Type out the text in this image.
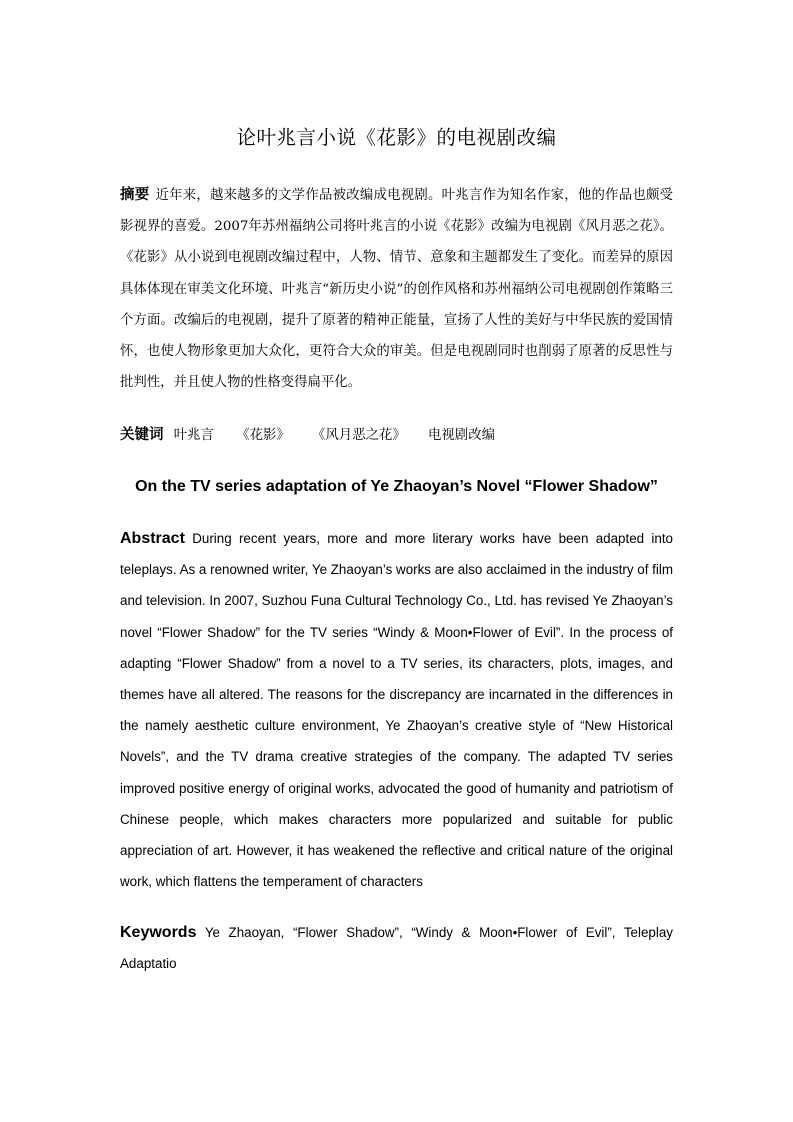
论叶兆言小说《花影》的电视剧改编
摘要 近年来，越来越多的文学作品被改编成电视剧。叶兆言作为知名作家，他的作品也颇受影视界的喜爱。2007年苏州福纳公司将叶兆言的小说《花影》改编为电视剧《风月恶之花》。《花影》从小说到电视剧改编过程中，人物、情节、意象和主题都发生了变化。而差异的原因具体体现在审美文化环境、叶兆言“新历史小说”的创作风格和苏州福纳公司电视剧创作策略三个方面。改编后的电视剧，提升了原著的精神正能量，宣扬了人性的美好与中华民族的爱国情怀，也使人物形象更加大众化，更符合大众的审美。但是电视剧同时也削弱了原著的反思性与批判性，并且使人物的性格变得扁平化。
关键词 叶兆言 《花影》 《风月恶之花》 电视剧改编
On the TV series adaptation of Ye Zhaoyan’s Novel “Flower Shadow”
Abstract During recent years, more and more literary works have been adapted into teleplays. As a renowned writer, Ye Zhaoyan’s works are also acclaimed in the industry of film and television. In 2007, Suzhou Funa Cultural Technology Co., Ltd. has revised Ye Zhaoyan’s novel “Flower Shadow” for the TV series “Windy & Moon•Flower of Evil”. In the process of adapting “Flower Shadow” from a novel to a TV series, its characters, plots, images, and themes have all altered. The reasons for the discrepancy are incarnated in the differences in the namely aesthetic culture environment, Ye Zhaoyan’s creative style of “New Historical Novels”, and the TV drama creative strategies of the company. The adapted TV series improved positive energy of original works, advocated the good of humanity and patriotism of Chinese people, which makes characters more popularized and suitable for public appreciation of art. However, it has weakened the reflective and critical nature of the original work, which flattens the temperament of characters
Keywords Ye Zhaoyan, “Flower Shadow”, “Windy & Moon•Flower of Evil”, Teleplay Adaptatio
